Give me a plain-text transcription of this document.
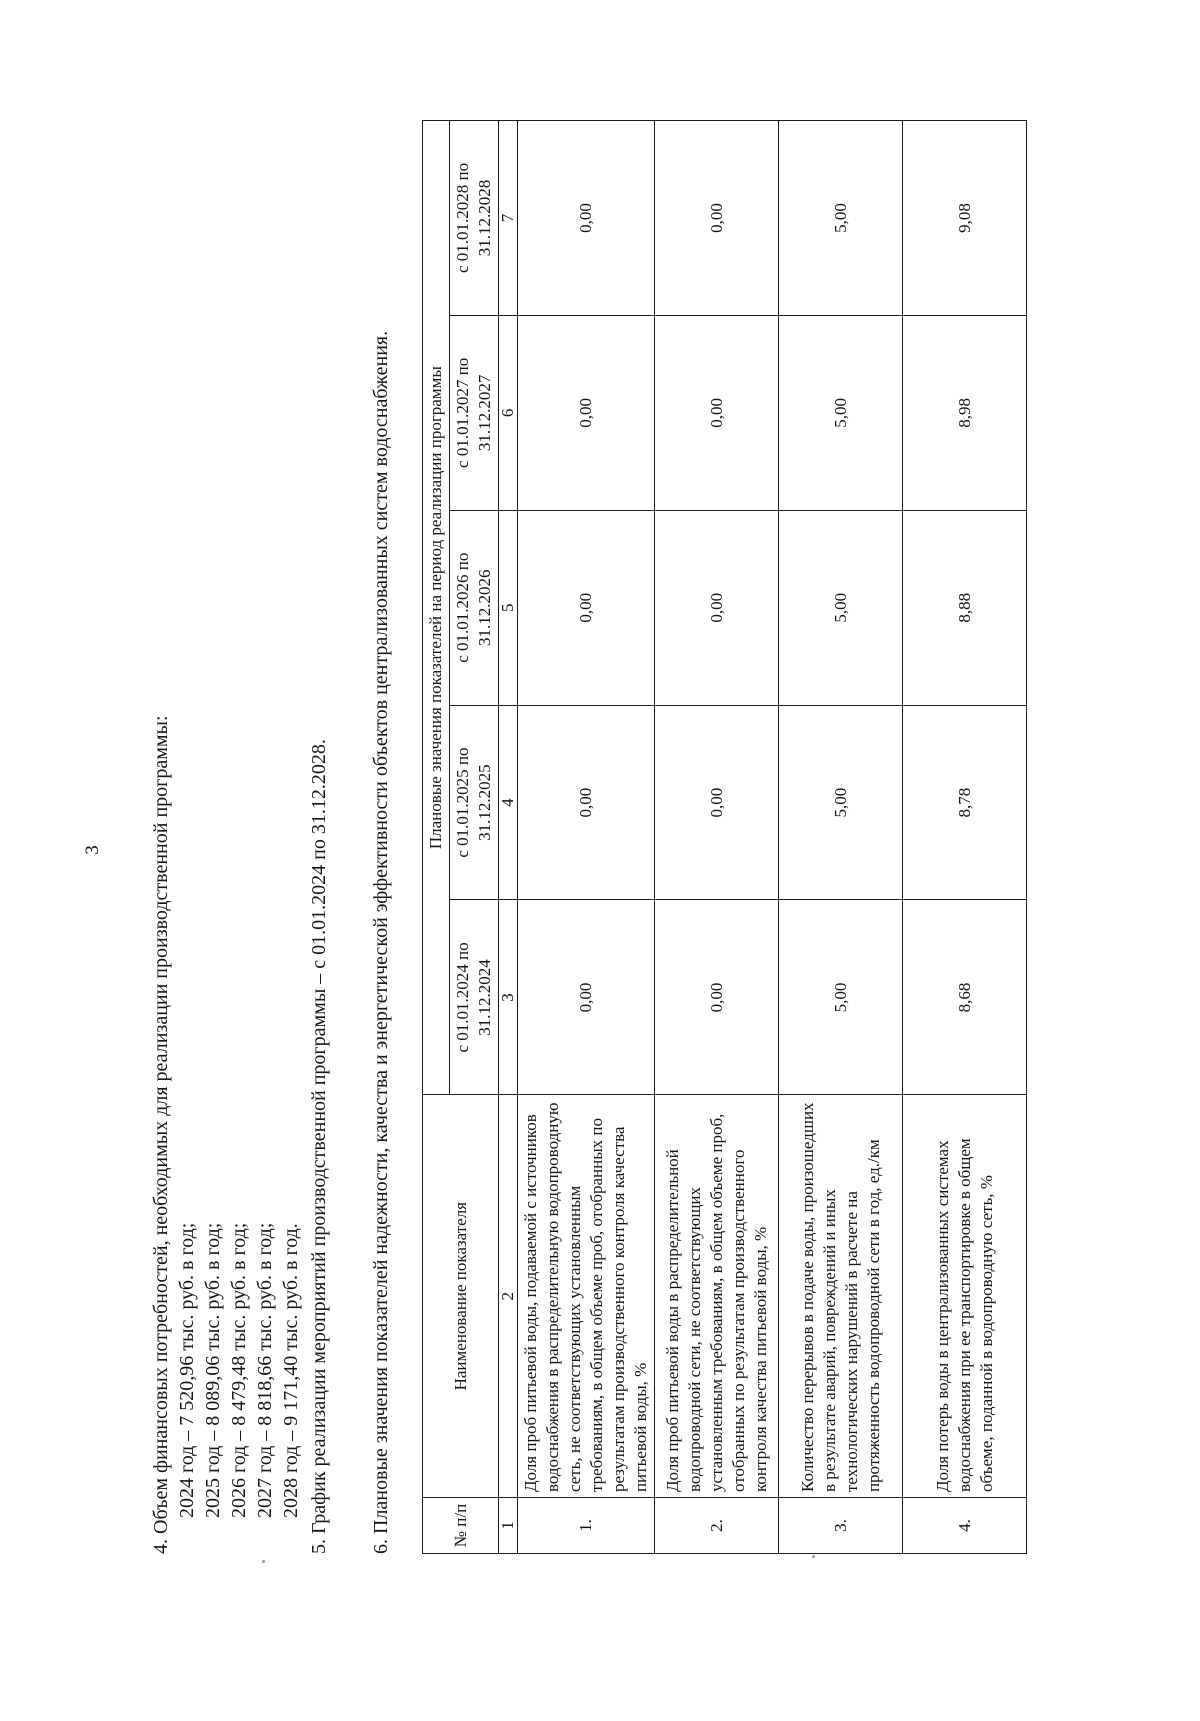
3 4. Объем финансовых потребностей, необходимых для реализации производственной программы: 2024 год – 7 520,96 тыс. руб. в год; 2025 год – 8 089,06 тыс. руб. в год; 2026 год – 8 479,48 тыс. руб. в год; 2027 год – 8 818,66 тыс. руб. в год; 2028 год – 9 171,40 тыс. руб. в год. 5. График реализации мероприятий производственной программы – с 01.01.2024 по 31.12.2028. 6. Плановые значения показателей надежности, качества и энергетической эффективности объектов централизованных систем водоснабжения.	№ п/п	Наименование показателя	Плановые значения показателей на период реализации программы				
		с 01.01.2024 по 31.12.2024	с 01.01.2025 по 31.12.2025	с 01.01.2026 по 31.12.2026	с 01.01.2027 по 31.12.2027	с 01.01.2028 по 31.12.2028
1	2	3	4	5	6	7
1.	Доля проб питьевой воды, подаваемой с источников водоснабжения в распределительную водопроводную сеть, не соответствующих установленным требованиям, в общем объеме проб, отобранных по результатам производственного контроля качества питьевой воды, %	0,00	0,00	0,00	0,00	0,00
2.	Доля проб питьевой воды в распределительной водопроводной сети, не соответствующих установленным требованиям, в общем объеме проб, отобранных по результатам производственного контроля качества питьевой воды, %	0,00	0,00	0,00	0,00	0,00
3.	Количество перерывов в подаче воды, произошедших в результате аварий, повреждений и иных технологических нарушений в расчете на протяженность водопроводной сети в год, ед./км	5,00	5,00	5,00	5,00	5,00
4.	Доля потерь воды в централизованных системах водоснабжения при ее транспортировке в общем объеме, поданной в водопроводную сеть, %	8,68	8,78	8,88	8,98	9,08
